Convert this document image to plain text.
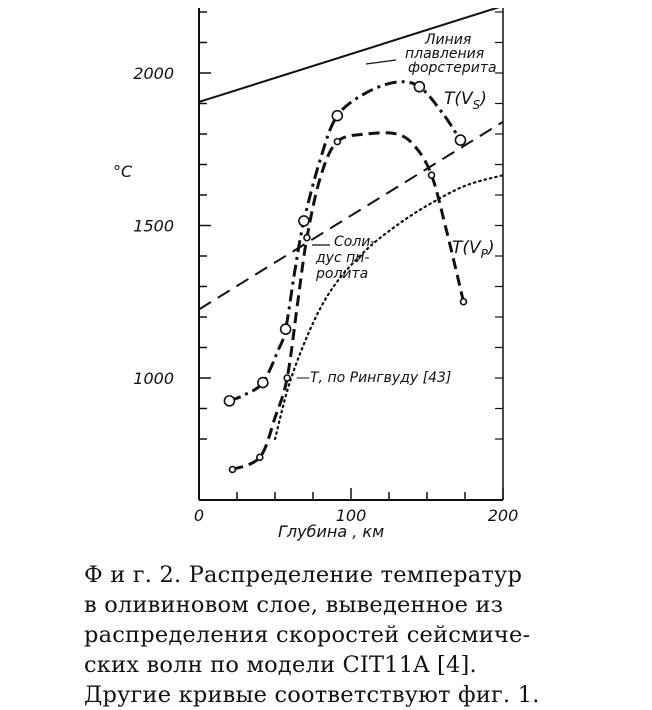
1000
1500
2000
0	100	200
°C
Глубина , км
Линия
плавления
форстерита
Соли-
дус пи-
ролита
—Т, по Рингвуду [43]
$T(V_S)$
$T(V_P)$
Ф и г. 2. Распределение температур
в оливиновом слое, выведенное из
распределения скоростей сейсмиче-
ских волн по модели CIT11A [4].
Другие кривые соответствуют фиг. 1.
